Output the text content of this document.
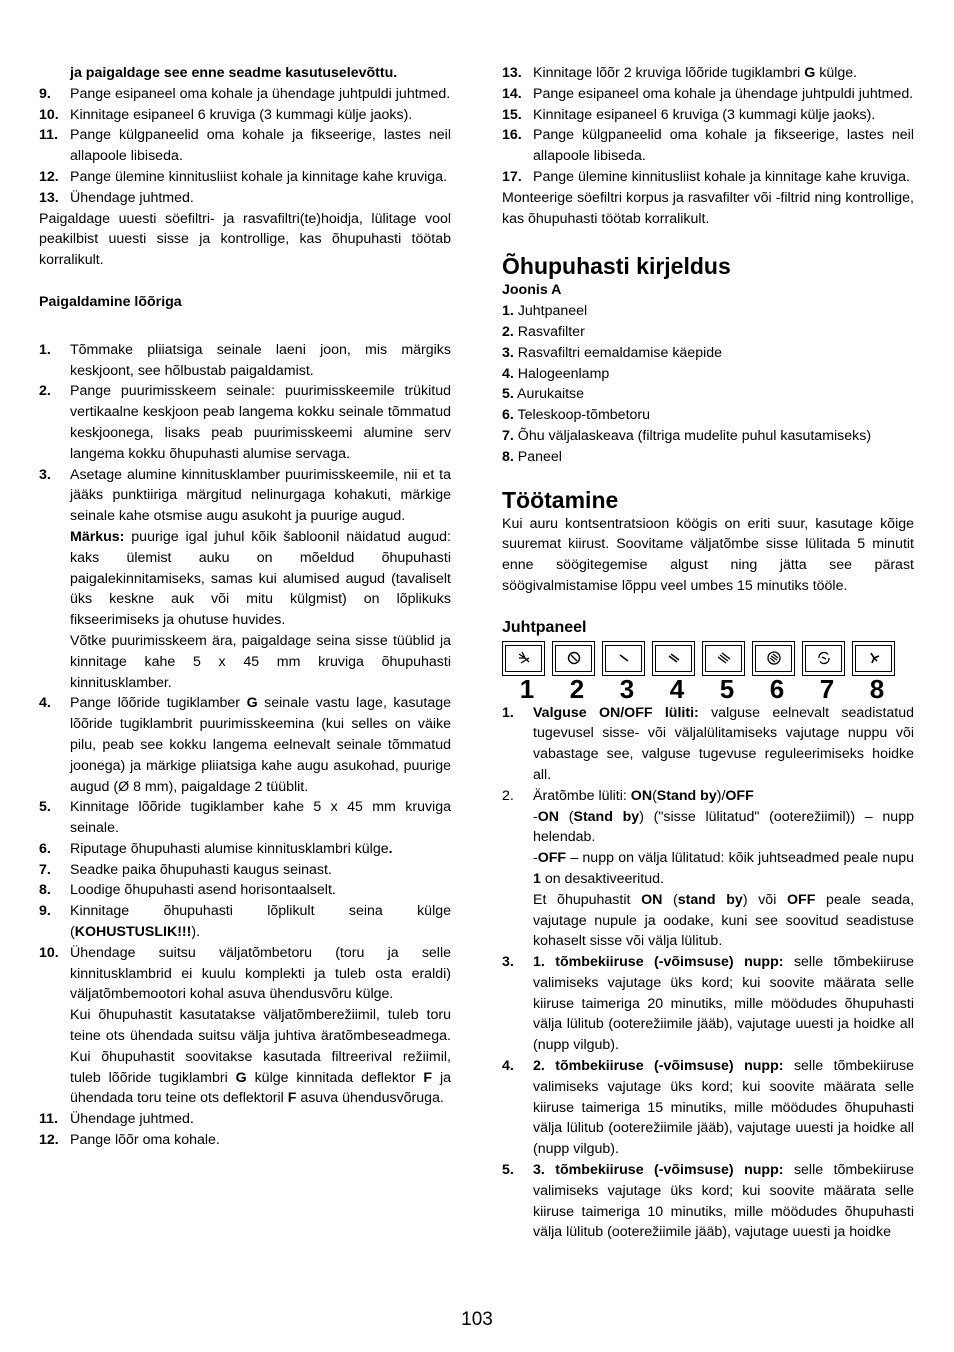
ja paigaldage see enne seadme kasutuselevõttu.
9. Pange esipaneel oma kohale ja ühendage juhtpuldi juhtmed.
10. Kinnitage esipaneel 6 kruviga (3 kummagi külje jaoks).
11. Pange külgpaneelid oma kohale ja fikseerige, lastes neil allapoole libiseda.
12. Pange ülemine kinnitusliist kohale ja kinnitage kahe kruviga.
13. Ühendage juhtmed.

Paigaldage uuesti söefiltri- ja rasvafiltri(te)hoidja, lülitage vool peakilbist uuesti sisse ja kontrollige, kas õhupuhasti töötab korralikult.

Paigaldamine lõõriga
1. Tõmmake pliiatsiga seinale laeni joon, mis märgiks keskjoont, see hõlbustab paigaldamist.
2. Pange puurimisskeem seinale: puurimisskeemile trükitud vertikaalne keskjoon peab langema kokku seinale tõmmatud keskjoonega, lisaks peab puurimisskeemi alumine serv langema kokku õhupuhasti alumise servaga.
3. Asetage alumine kinnitusklamber puurimisskeemile, nii et ta jääks punktiiriga märgitud nelinurgaga kohakuti, märkige seinale kahe otsmise augu asukoht ja puurige augud.
Märkus: puurige igal juhul kõik šabloonil näidatud augud: kaks ülemist auku on mõeldud õhupuhasti paigalekinnitamiseks, samas kui alumised augud (tavaliselt üks keskne auk või mitu külgmist) on lõplikuks fikseerimiseks ja ohutuse huvides.
Võtke puurimisskeem ära, paigaldage seina sisse tüüblid ja kinnitage kahe 5 x 45 mm kruviga õhupuhasti kinnitusklamber.
4. Pange lõõride tugiklamber G seinale vastu lage, kasutage lõõride tugiklambrit puurimisskeemina (kui selles on väike pilu, peab see kokku langema eelnevalt seinale tõmmatud joonega) ja märkige pliiatsiga kahe augu asukohad, puurige augud (Ø 8 mm), paigaldage 2 tüüblit.
5. Kinnitage lõõride tugiklamber kahe 5 x 45 mm kruviga seinale.
6. Riputage õhupuhasti alumise kinnitusklambri külge.
7. Seadke paika õhupuhasti kaugus seinast.
8. Loodige õhupuhasti asend horisontaalselt.
9. Kinnitage õhupuhasti lõplikult seina külge (KOHUSTUSLIK!!!).
10. Ühendage suitsu väljatõmbetoru (toru ja selle kinnitusklambrid ei kuulu komplekti ja tuleb osta eraldi) väljatõmbemootori kohal asuva ühendusvõru külge.
Kui õhupuhastit kasutatakse väljatõmberežiimil, tuleb toru teine ots ühendada suitsu välja juhtiva äratõmbeseadmega. Kui õhupuhastit soovitakse kasutada filtreerival režiimil, tuleb lõõride tugiklambri G külge kinnitada deflektor F ja ühendada toru teine ots deflektoril F asuva ühendusvõruga.
11. Ühendage juhtmed.
12. Pange lõõr oma kohale.
13. Kinnitage lõõr 2 kruviga lõõride tugiklambri G külge.
14. Pange esipaneel oma kohale ja ühendage juhtpuldi juhtmed.
15. Kinnitage esipaneel 6 kruviga (3 kummagi külje jaoks).
16. Pange külgpaneelid oma kohale ja fikseerige, lastes neil allapoole libiseda.
17. Pange ülemine kinnitusliist kohale ja kinnitage kahe kruviga.

Monteerige söefiltri korpus ja rasvafilter või -filtrid ning kontrollige, kas õhupuhasti töötab korralikult.

Õhupuhasti kirjeldus
Joonis A
1. Juhtpaneel
2. Rasvafilter
3. Rasvafiltri eemaldamise käepide
4. Halogeenlamp
5. Aurukaitse
6. Teleskoop-tõmbetoru
7. Õhu väljalaskeava (filtriga mudelite puhul kasutamiseks)
8. Paneel
Töötamine

Kui auru kontsentratsioon köögis on eriti suur, kasutage kõige suuremat kiirust. Soovitame väljatõmbe sisse lülitada 5 minutit enne söögitegemise algust ning jätta see pärast söögivalmistamise lõppu veel umbes 15 minutiks tööle.

Juhtpaneel
1	2	3	4	5	6	7	8
1. Valguse ON/OFF lüliti: valguse eelnevalt seadistatud tugevusel sisse- või väljalülitamiseks vajutage nuppu või vabastage see, valguse tugevuse reguleerimiseks hoidke all.
2. Äratõmbe lüliti: ON(Stand by)/OFF
-ON (Stand by) ("sisse lülitatud" (ooterežiimil)) – nupp helendab.
-OFF – nupp on välja lülitatud: kõik juhtseadmed peale nupu 1 on desaktiveeritud.
Et õhupuhastit ON (stand by) või OFF peale seada, vajutage nupule ja oodake, kuni see soovitud seadistuse kohaselt sisse või välja lülitub.
3. 1. tõmbekiiruse (-võimsuse) nupp: selle tõmbekiiruse valimiseks vajutage üks kord; kui soovite määrata selle kiiruse taimeriga 20 minutiks, mille möödudes õhupuhasti välja lülitub (ooterežiimile jääb), vajutage uuesti ja hoidke all (nupp vilgub).
4. 2. tõmbekiiruse (-võimsuse) nupp: selle tõmbekiiruse valimiseks vajutage üks kord; kui soovite määrata selle kiiruse taimeriga 15 minutiks, mille möödudes õhupuhasti välja lülitub (ooterežiimile jääb), vajutage uuesti ja hoidke all (nupp vilgub).
5. 3. tõmbekiiruse (-võimsuse) nupp: selle tõmbekiiruse valimiseks vajutage üks kord; kui soovite määrata selle kiiruse taimeriga 10 minutiks, mille möödudes õhupuhasti välja lülitub (ooterežiimile jääb), vajutage uuesti ja hoidke
103
